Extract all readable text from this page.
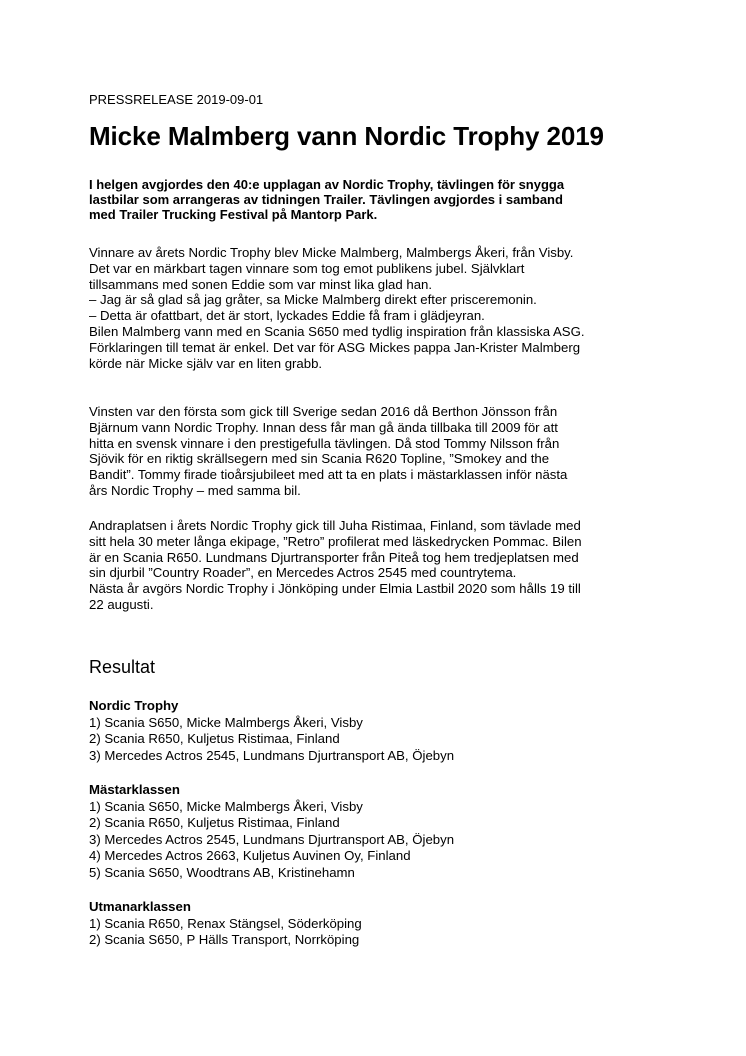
PRESSRELEASE 2019-09-01
Micke Malmberg vann Nordic Trophy 2019
I helgen avgjordes den 40:e upplagan av Nordic Trophy, tävlingen för snygga
lastbilar som arrangeras av tidningen Trailer. Tävlingen avgjordes i samband
med Trailer Trucking Festival på Mantorp Park.
Vinnare av årets Nordic Trophy blev Micke Malmberg, Malmbergs Åkeri, från Visby.
Det var en märkbart tagen vinnare som tog emot publikens jubel. Självklart
tillsammans med sonen Eddie som var minst lika glad han.
– Jag är så glad så jag gråter, sa Micke Malmberg direkt efter prisceremonin.
– Detta är ofattbart, det är stort, lyckades Eddie få fram i glädjeyran.
Bilen Malmberg vann med en Scania S650 med tydlig inspiration från klassiska ASG.
Förklaringen till temat är enkel. Det var för ASG Mickes pappa Jan-Krister Malmberg
körde när Micke själv var en liten grabb.
Vinsten var den första som gick till Sverige sedan 2016 då Berthon Jönsson från
Bjärnum vann Nordic Trophy. Innan dess får man gå ända tillbaka till 2009 för att
hitta en svensk vinnare i den prestigefulla tävlingen. Då stod Tommy Nilsson från
Sjövik för en riktig skrällsegern med sin Scania R620 Topline, ”Smokey and the
Bandit”. Tommy firade tioårsjubileet med att ta en plats i mästarklassen inför nästa
års Nordic Trophy – med samma bil.
Andraplatsen i årets Nordic Trophy gick till Juha Ristimaa, Finland, som tävlade med
sitt hela 30 meter långa ekipage, ”Retro” profilerat med läskedrycken Pommac. Bilen
är en Scania R650. Lundmans Djurtransporter från Piteå tog hem tredjeplatsen med
sin djurbil ”Country Roader”, en Mercedes Actros 2545 med countrytema.
Nästa år avgörs Nordic Trophy i Jönköping under Elmia Lastbil 2020 som hålls 19 till
22 augusti.
Resultat
Nordic Trophy
1) Scania S650, Micke Malmbergs Åkeri, Visby
2) Scania R650, Kuljetus Ristimaa, Finland
3) Mercedes Actros 2545, Lundmans Djurtransport AB, Öjebyn
Mästarklassen
1) Scania S650, Micke Malmbergs Åkeri, Visby
2) Scania R650, Kuljetus Ristimaa, Finland
3) Mercedes Actros 2545, Lundmans Djurtransport AB, Öjebyn
4) Mercedes Actros 2663, Kuljetus Auvinen Oy, Finland
5) Scania S650, Woodtrans AB, Kristinehamn
Utmanarklassen
1) Scania R650, Renax Stängsel, Söderköping
2) Scania S650, P Hälls Transport, Norrköping
